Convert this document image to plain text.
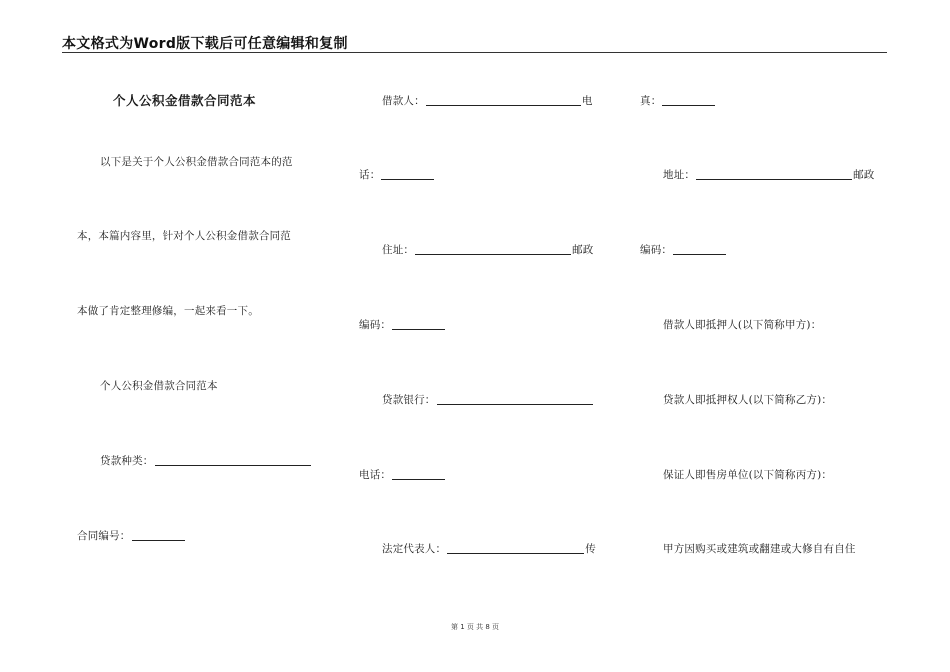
本文格式为Word版下载后可任意编辑和复制
个人公积金借款合同范本
以下是关于个人公积金借款合同范本的范
本，本篇内容里，针对个人公积金借款合同范
本做了肯定整理修编，一起来看一下。
个人公积金借款合同范本
贷款种类：
合同编号：
借款人：	电
话：
住址：	邮政
编码：
贷款银行：
电话：
法定代表人：	传
真：
地址：	邮政
编码：
借款人即抵押人(以下简称甲方)：
贷款人即抵押权人(以下简称乙方)：
保证人即售房单位(以下简称丙方)：
甲方因购买或建筑或翻建或大修自有自住
第 1 页 共 8 页
